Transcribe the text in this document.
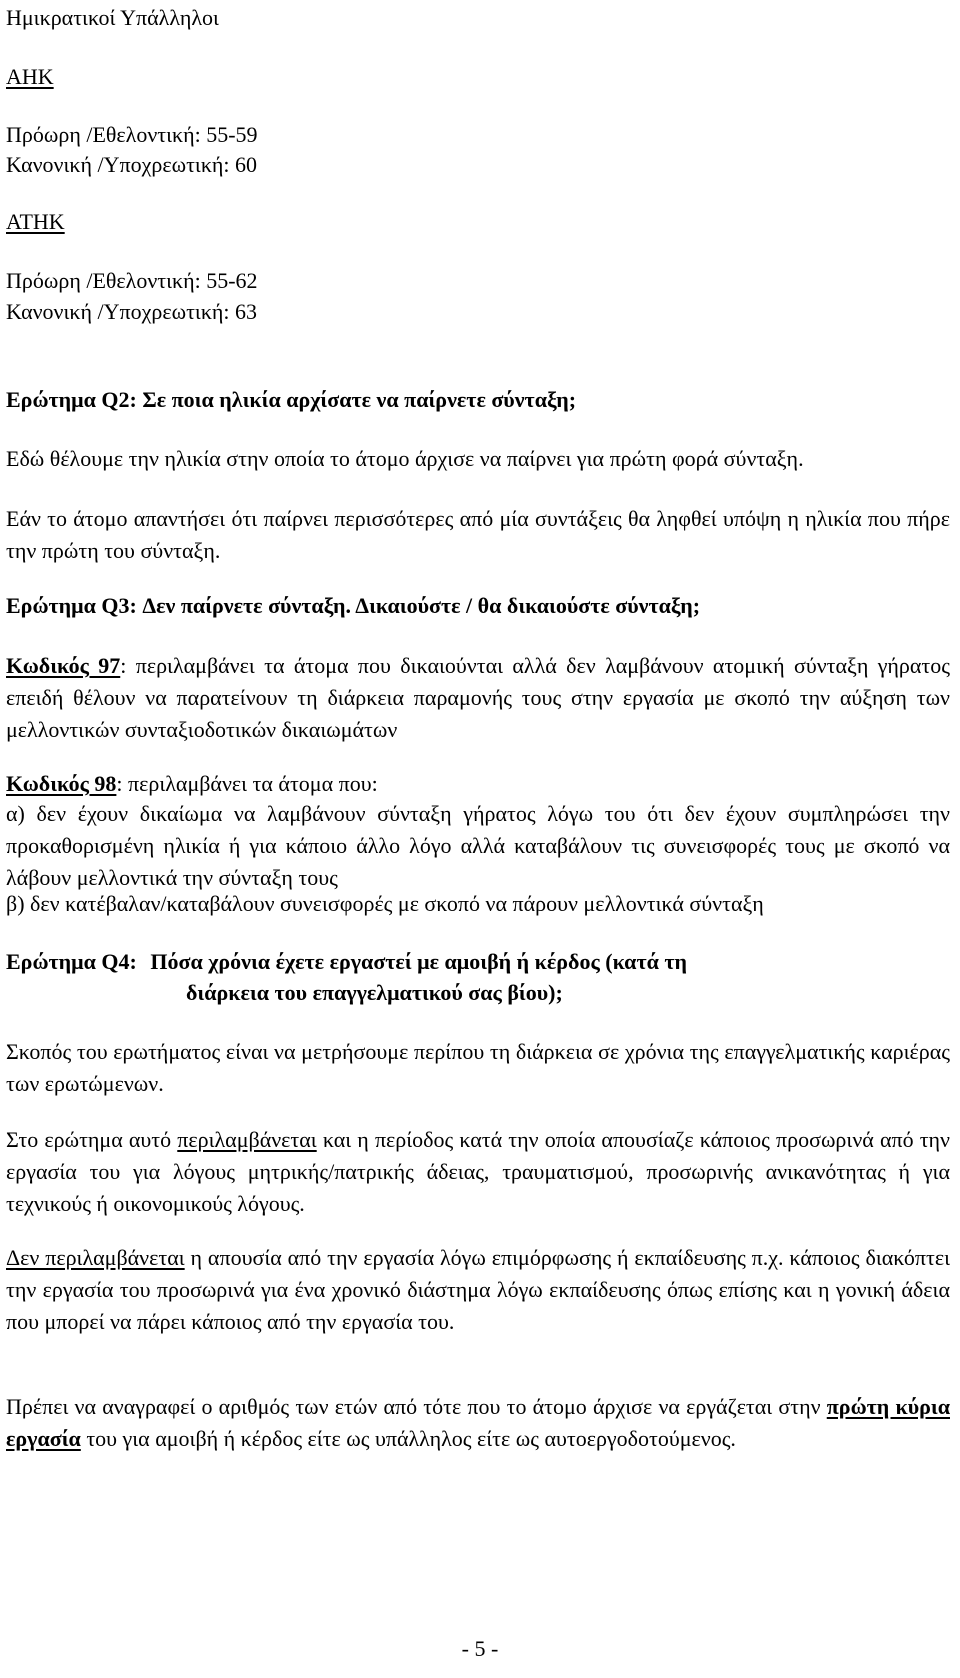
Ημικρατικοί Υπάλληλοι

ΑΗΚ

Πρόωρη /Εθελοντική: 55-59

Κανονική /Υποχρεωτική: 60

ΑΤΗΚ

Πρόωρη /Εθελοντική: 55-62

Κανονική /Υποχρεωτική: 63

Ερώτημα Q2: Σε ποια ηλικία αρχίσατε να παίρνετε σύνταξη;

Εδώ θέλουμε την ηλικία στην οποία το άτομο άρχισε να παίρνει για πρώτη φορά σύνταξη.

Εάν το άτομο απαντήσει ότι παίρνει περισσότερες από μία συντάξεις θα ληφθεί υπόψη η ηλικία που πήρε την πρώτη του σύνταξη.

Ερώτημα Q3: Δεν παίρνετε σύνταξη. Δικαιούστε / θα δικαιούστε σύνταξη;

Κωδικός 97: περιλαμβάνει τα άτομα που δικαιούνται αλλά δεν λαμβάνουν ατομική σύνταξη γήρατος επειδή θέλουν να παρατείνουν τη διάρκεια παραμονής τους στην εργασία με σκοπό την αύξηση των μελλοντικών συνταξιοδοτικών δικαιωμάτων

Κωδικός 98: περιλαμβάνει τα άτομα που:

α) δεν έχουν δικαίωμα να λαμβάνουν σύνταξη γήρατος λόγω του ότι δεν έχουν συμπληρώσει την προκαθορισμένη ηλικία ή για κάποιο άλλο λόγο αλλά καταβάλουν τις συνεισφορές τους με σκοπό να λάβουν μελλοντικά την σύνταξη τους

β) δεν κατέβαλαν/καταβάλουν συνεισφορές με σκοπό να πάρουν μελλοντικά σύνταξη

Ερώτημα Q4: Πόσα χρόνια έχετε εργαστεί με αμοιβή ή κέρδος (κατά τη

διάρκεια του επαγγελματικού σας βίου);

Σκοπός του ερωτήματος είναι να μετρήσουμε περίπου τη διάρκεια σε χρόνια της επαγγελματικής καριέρας των ερωτώμενων.

Στο ερώτημα αυτό περιλαμβάνεται και η περίοδος κατά την οποία απουσίαζε κάποιος προσωρινά από την εργασία του για λόγους μητρικής/πατρικής άδειας, τραυματισμού, προσωρινής ανικανότητας ή για τεχνικούς ή οικονομικούς λόγους.

Δεν περιλαμβάνεται η απουσία από την εργασία λόγω επιμόρφωσης ή εκπαίδευσης π.χ. κάποιος διακόπτει την εργασία του προσωρινά για ένα χρονικό διάστημα λόγω εκπαίδευσης όπως επίσης και η γονική άδεια που μπορεί να πάρει κάποιος από την εργασία του.

Πρέπει να αναγραφεί ο αριθμός των ετών από τότε που το άτομο άρχισε να εργάζεται στην πρώτη κύρια εργασία του για αμοιβή ή κέρδος είτε ως υπάλληλος είτε ως αυτοεργοδοτούμενος.

- 5 -
